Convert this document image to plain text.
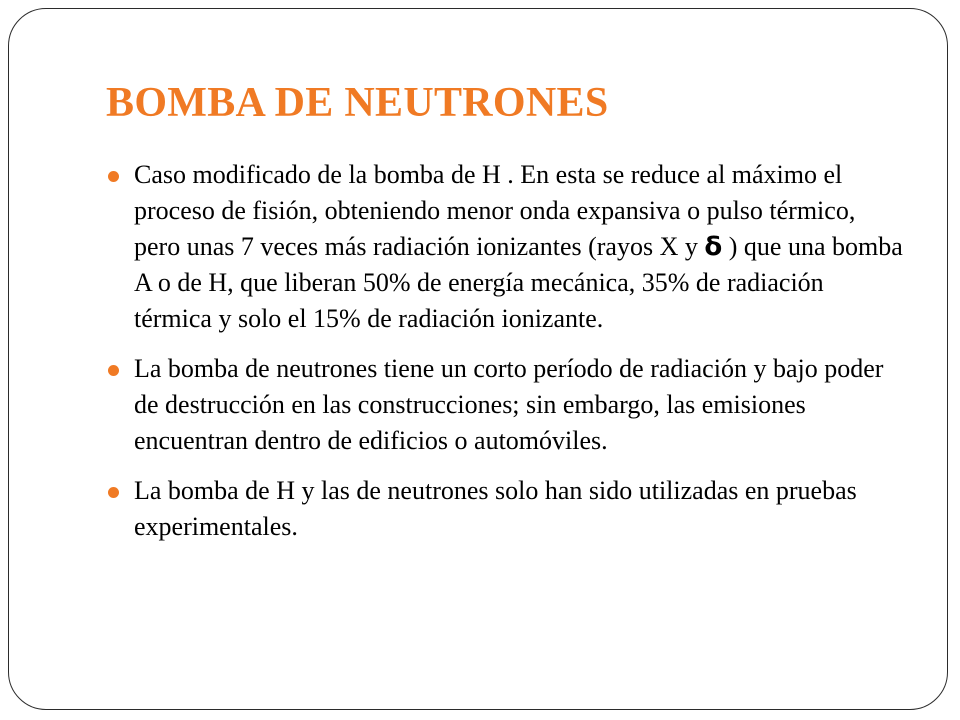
BOMBA DE NEUTRONES
Caso modificado de la bomba de H . En esta se reduce al máximo el proceso de fisión, obteniendo menor onda expansiva o pulso térmico, pero unas 7 veces más radiación ionizantes (rayos X y δ ) que una bomba A o de H, que liberan 50% de energía mecánica, 35% de radiación térmica y solo el 15% de radiación ionizante.
La bomba de neutrones tiene un corto período de radiación y bajo poder de destrucción en las construcciones; sin embargo, las emisiones encuentran dentro de edificios o automóviles.
La bomba de H y las de neutrones solo han sido utilizadas en pruebas experimentales.
